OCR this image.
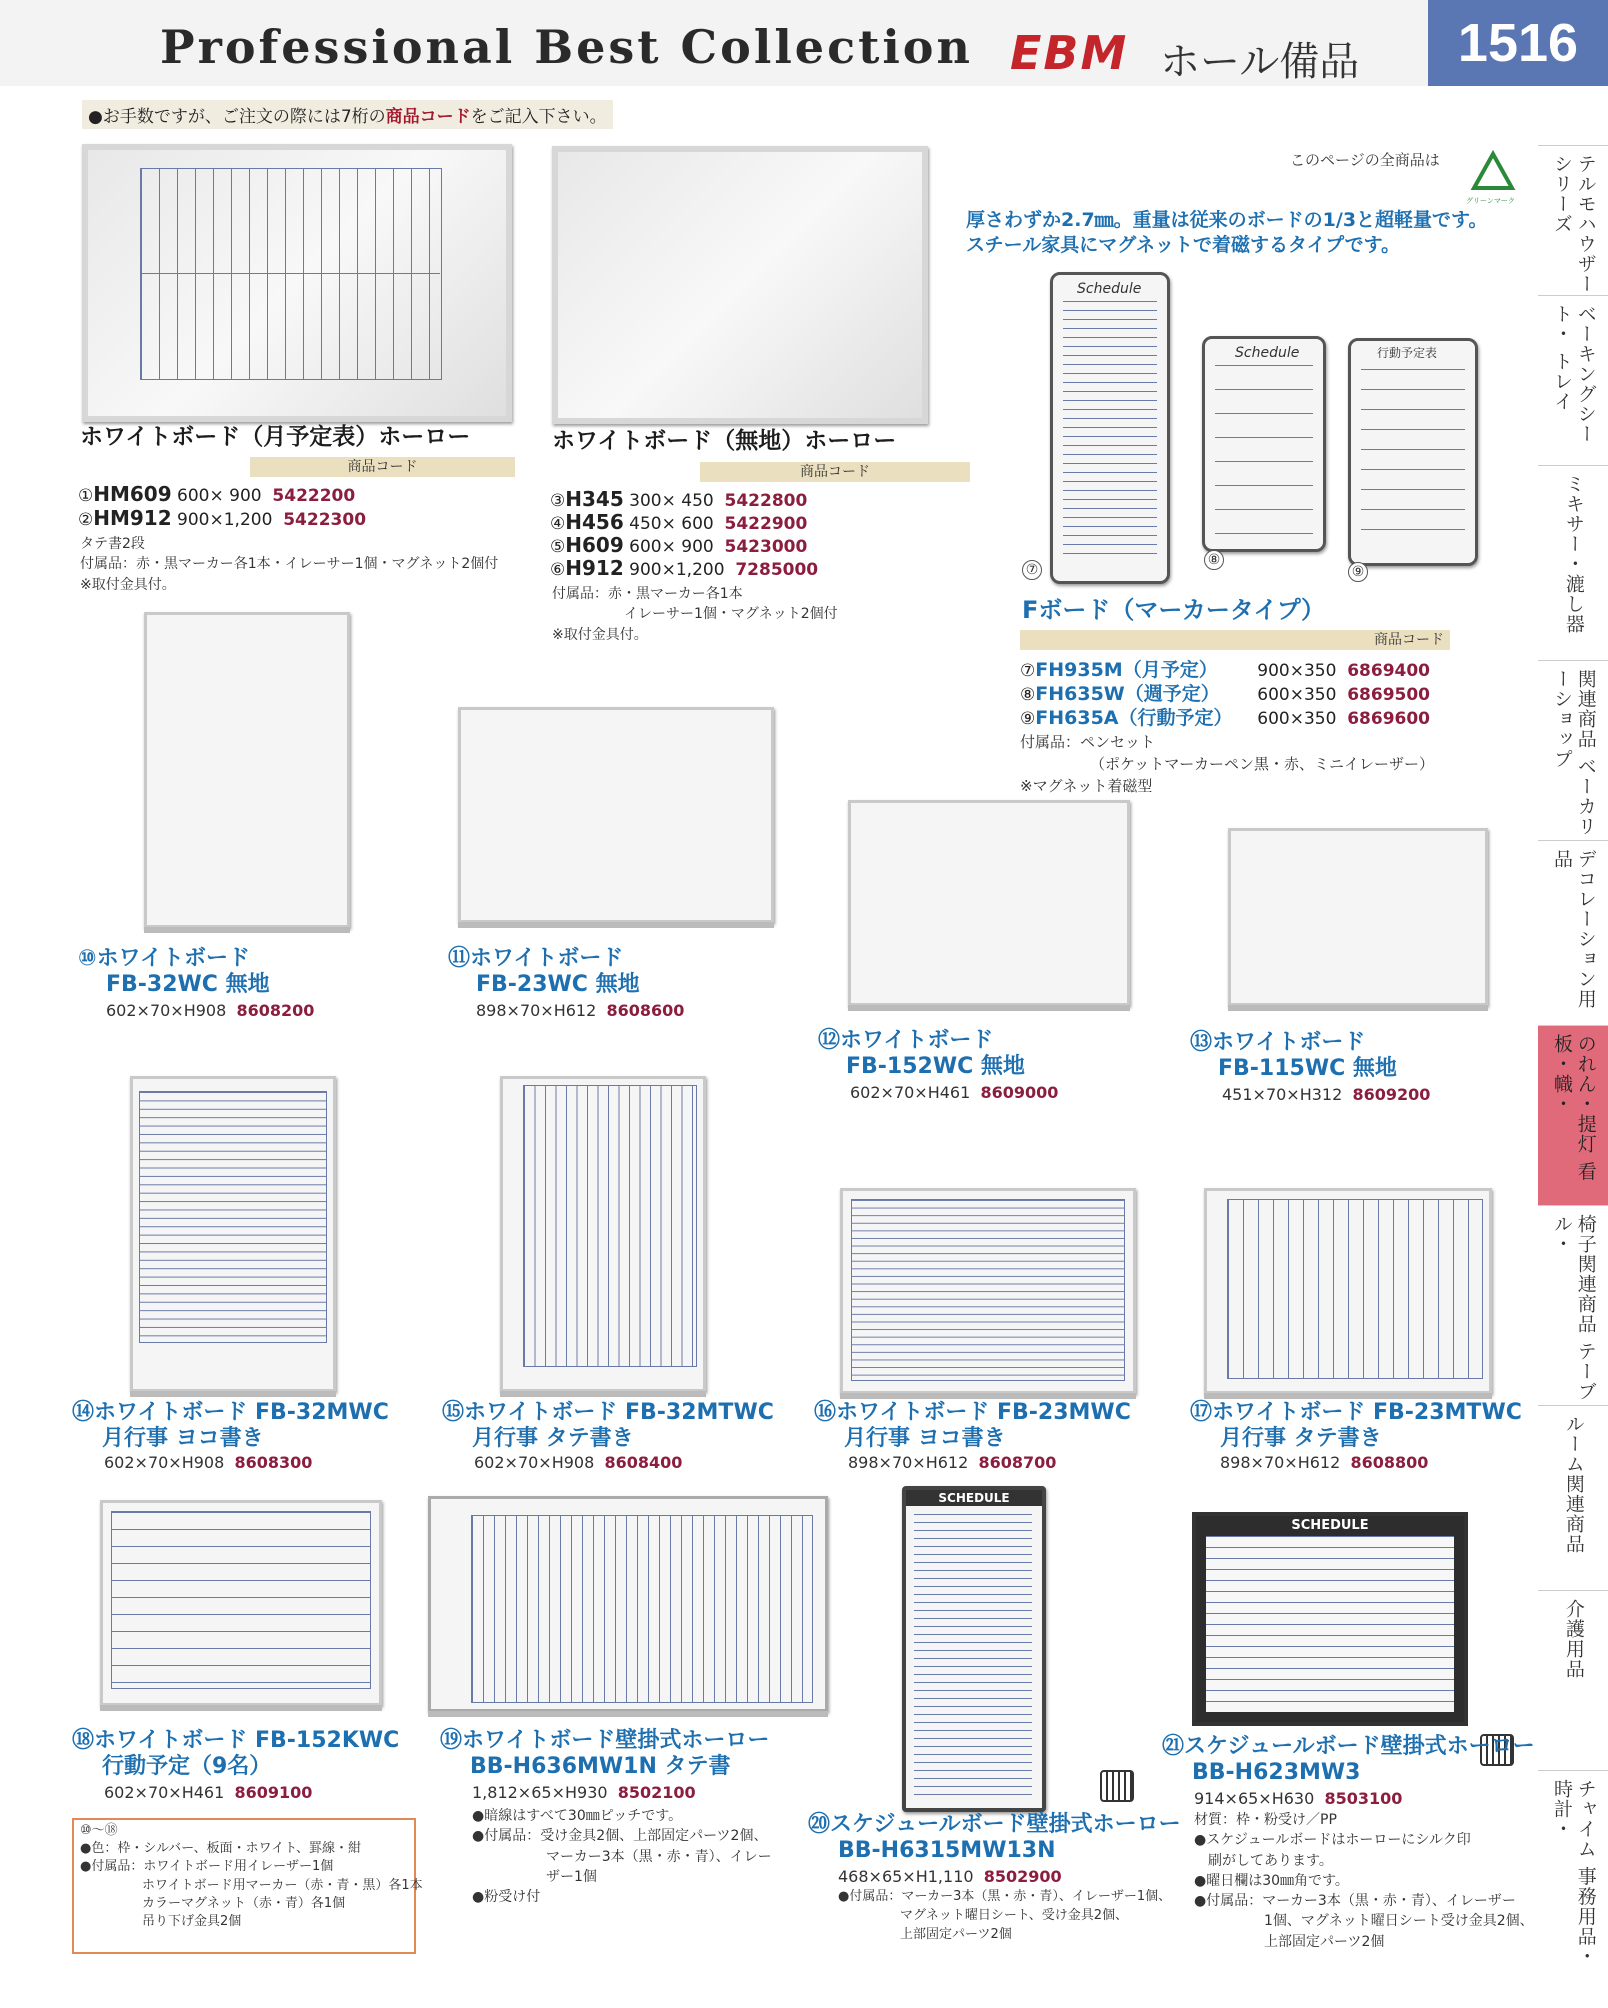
Professional Best Collection EBM ホール備品	1516
●お手数ですが、ご注文の際には7桁の商品コードをご記入下さい。
テルモハウザー シリーズ
ベーキングシート・ トレイ
ミキサー・漉し器
関連商品 ベーカリーショップ
デコレーション用品
のれん・提灯 看板・幟・
椅子関連商品 テーブル・
ルーム関連商品
介護用品
チャイム 事務用品・時計・
ホワイトボード（月予定表）ホーロー
商品コード
①HM609 600× 900 5422200
②HM912 900×1,200 5422300
タテ書2段
付属品：赤・黒マーカー各1本・イレーサー1個・マグネット2個付
※取付金具付。
ホワイトボード（無地）ホーロー
商品コード
③H345 300× 450 5422800
④H456 450× 600 5422900
⑤H609 600× 900 5423000
⑥H912 900×1,200 7285000
付属品：赤・黒マーカー各1本
イレーサー1個・マグネット2個付
※取付金具付。
このページの全商品は
グリーンマーク
厚さわずか2.7㎜。重量は従来のボードの1/3と超軽量です。
スチール家具にマグネットで着磁するタイプです。
Schedule
Schedule	行動予定表
⑦
⑧
⑨
Fボード（マーカータイプ）
商品コード
⑦FH935M（月予定） 900×350 6869400
⑧FH635W（週予定） 600×350 6869500
⑨FH635A（行動予定） 600×350 6869600
付属品：ペンセット
（ポケットマーカーペン黒・赤、ミニイレーザー）
※マグネット着磁型
⑩ホワイトボード
FB-32WC 無地
602×70×H908 8608200
⑪ホワイトボード
FB-23WC 無地
898×70×H612 8608600
⑫ホワイトボード
FB-152WC 無地
602×70×H461 8609000
⑬ホワイトボード
FB-115WC 無地
451×70×H312 8609200
⑭ホワイトボード FB-32MWC
月行事 ヨコ書き
602×70×H908 8608300
⑮ホワイトボード FB-32MTWC
月行事 タテ書き
602×70×H908 8608400
⑯ホワイトボード FB-23MWC
月行事 ヨコ書き
898×70×H612 8608700
⑰ホワイトボード FB-23MTWC
月行事 タテ書き
898×70×H612 8608800
⑱ホワイトボード FB-152KWC
行動予定（9名）
602×70×H461 8609100
⑲ホワイトボード壁掛式ホーロー
BB-H636MW1N タテ書
1,812×65×H930 8502100
●暗線はすべて30㎜ピッチです。
●付属品：受け金具2個、上部固定パーツ2個、
マーカー3本（黒・赤・青）、イレー
ザー1個
●粉受け付
SCHEDULE
⑳スケジュールボード壁掛式ホーロー
BB-H6315MW13N
468×65×H1,110 8502900
●付属品：マーカー3本（黒・赤・青）、イレーザー1個、
マグネット曜日シート、受け金具2個、
上部固定パーツ2個
SCHEDULE
㉑スケジュールボード壁掛式ホーロー
BB-H623MW3
914×65×H630 8503100
材質：枠・粉受け／PP
●スケジュールボードはホーローにシルク印
刷がしてあります。
●曜日欄は30㎜角です。
●付属品：マーカー3本（黒・赤・青）、イレーザー
1個、マグネット曜日シート受け金具2個、
上部固定パーツ2個
⑩～⑱
●色：枠・シルバー、板面・ホワイト、罫線・紺
●付属品：ホワイトボード用イレーザー1個
ホワイトボード用マーカー（赤・青・黒）各1本
カラーマグネット（赤・青）各1個
吊り下げ金具2個
